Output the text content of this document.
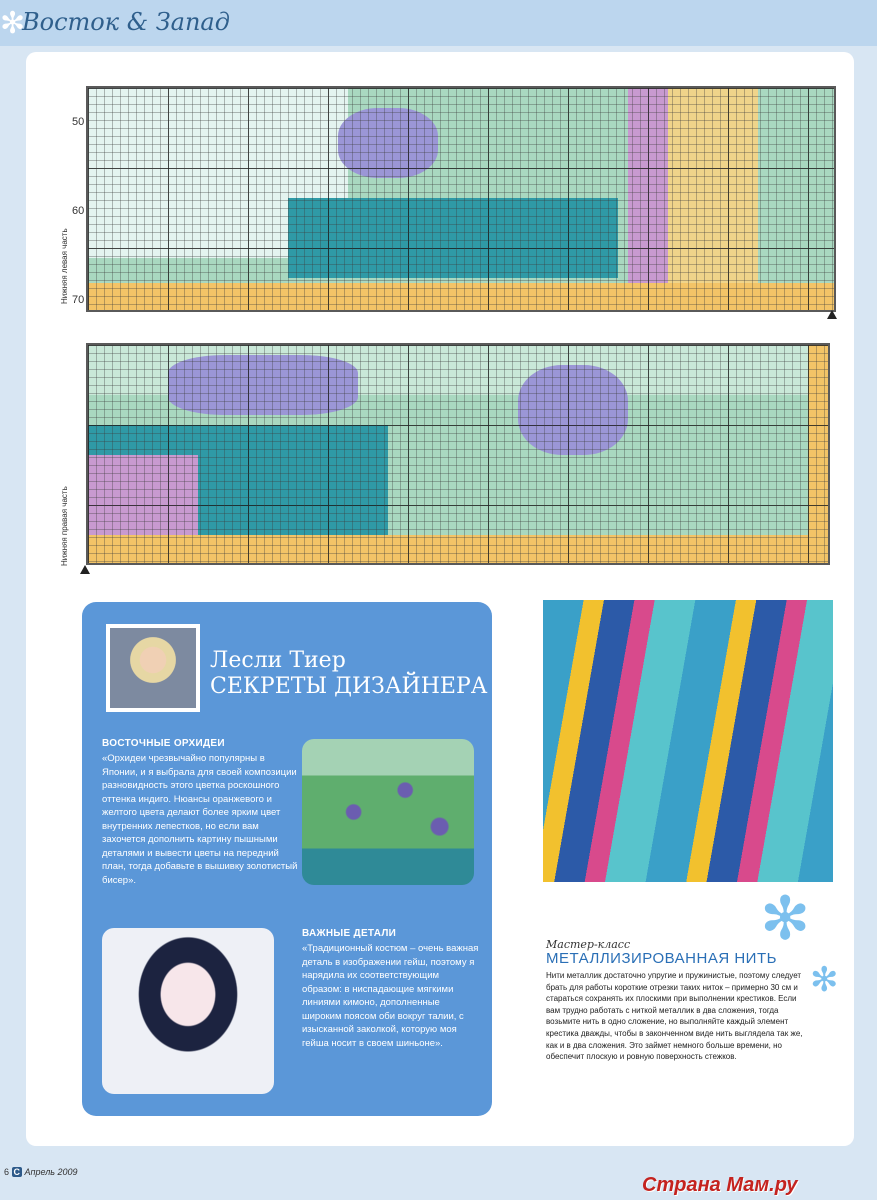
✻
Восток & Запад
50
60
70
Нижняя левая часть
Нижняя правая часть
Лесли Тиер
СЕКРЕТЫ ДИЗАЙНЕРА
ВОСТОЧНЫЕ ОРХИДЕИ
«Орхидеи чрезвычайно популярны в Японии, и я выбрала для своей композиции разновидность этого цветка роскошного оттенка индиго. Нюансы оранжевого и желтого цвета делают более ярким цвет внутренних лепестков, но если вам захочется дополнить картину пышными деталями и вывести цветы на передний план, тогда добавьте в вышивку золотистый бисер».
ВАЖНЫЕ ДЕТАЛИ
«Традиционный костюм – очень важная деталь в изображении гейш, поэтому я нарядила их соответствующим образом: в ниспадающие мягкими линиями кимоно, дополненные широким поясом оби вокруг талии, с изысканной заколкой, которую моя гейша носит в своем шиньоне».
✻
✻
Мастер-класс
МЕТАЛЛИЗИРОВАННАЯ НИТЬ
Нити металлик достаточно упругие и пружинистые, поэтому следует брать для работы короткие отрезки таких ниток – примерно 30 см и стараться сохранять их плоскими при выполнении крестиков. Если вам трудно работать с ниткой металлик в два сложения, тогда возьмите нить в одно сложение, но выполняйте каждый элемент крестика дважды, чтобы в законченном виде нить выглядела так же, как и в два сложения. Это займет немного больше времени, но обеспечит плоскую и ровную поверхность стежков.
6 C Апрель 2009
Страна Мам.ру
